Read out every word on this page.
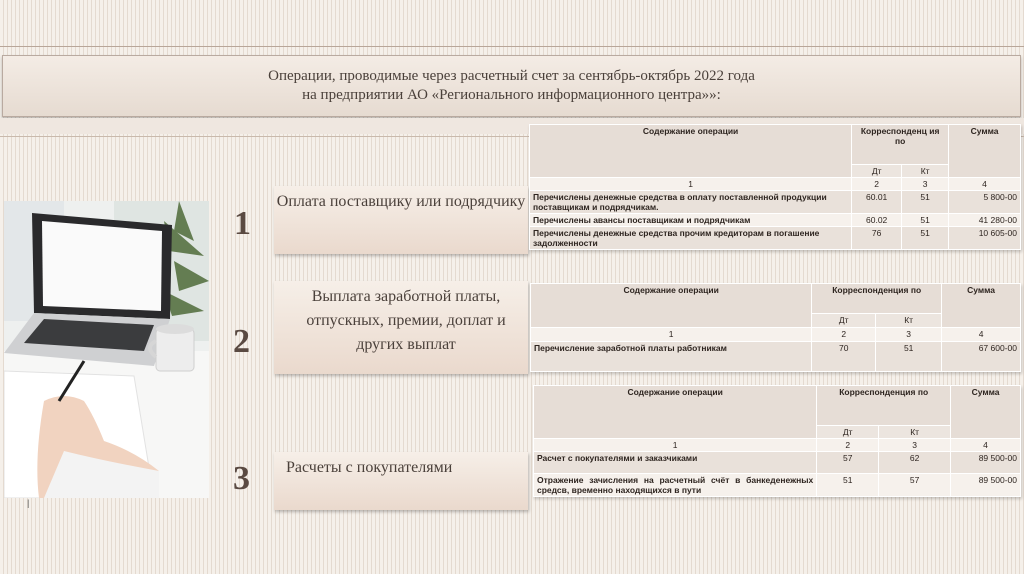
Операции, проводимые через расчетный счет за сентябрь-октябрь 2022 года
на предприятии АО «Регионального информационного центра»»:
1
2
3
Оплата поставщику или подрядчику
Выплата заработной платы, отпускных, премии, доплат и других выплат
Расчеты с покупателями
Содержание операции	Корреспонденц ия по		Сумма
	Дт	Кт	
1	2	3	4
Перечислены денежные средства в оплату поставленной продукции поставщикам и подрядчикам.	60.01	51	5 800-00
Перечислены авансы поставщикам и подрядчикам	60.02	51	41 280-00
Перечислены денежные средства прочим кредиторам в погашение задолженности	76	51	10 605-00
Содержание операции	Корреспонденция по		Сумма
	Дт	Кт	
1	2	3	4
Перечисление заработной платы работникам	70	51	67 600-00
Содержание операции	Корреспонденция по		Сумма
	Дт	Кт	
1	2	3	4
Расчет с покупателями и заказчиками	57	62	89 500-00
Отражение зачисления на расчетный счёт в банкеденежных средсв, временно находящихся в пути	51	57	89 500-00
|
